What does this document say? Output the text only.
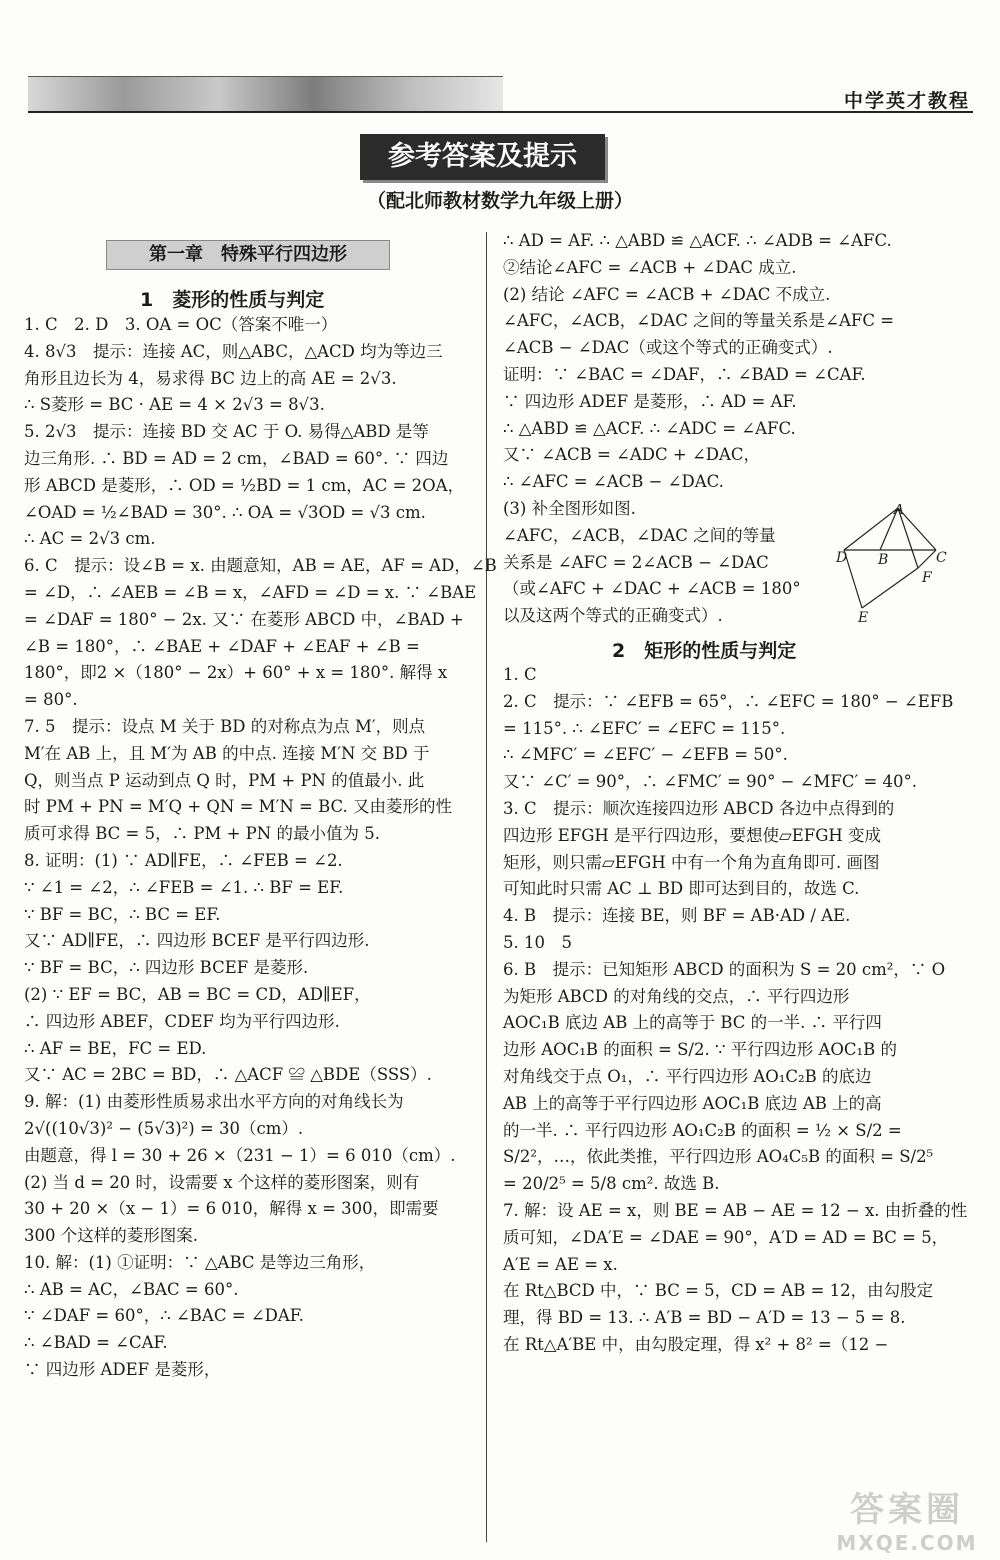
中学英才教程
参考答案及提示
（配北师教材数学九年级上册）
第一章　特殊平行四边形
1　菱形的性质与判定

1. C　2. D　3. OA = OC（答案不唯一）

4. 8√3　提示：连接 AC，则△ABC，△ACD 均为等边三

角形且边长为 4，易求得 BC 边上的高 AE = 2√3.

∴ S菱形 = BC · AE = 4 × 2√3 = 8√3.

5. 2√3　提示：连接 BD 交 AC 于 O. 易得△ABD 是等

边三角形. ∴ BD = AD = 2 cm，∠BAD = 60°. ∵ 四边

形 ABCD 是菱形，∴ OD = ½BD = 1 cm，AC = 2OA，

∠OAD = ½∠BAD = 30°. ∴ OA = √3OD = √3 cm.

∴ AC = 2√3 cm.

6. C　提示：设∠B = x. 由题意知，AB = AE，AF = AD，∠B

= ∠D，∴ ∠AEB = ∠B = x，∠AFD = ∠D = x. ∵ ∠BAE

= ∠DAF = 180° − 2x. 又∵ 在菱形 ABCD 中，∠BAD +

∠B = 180°，∴ ∠BAE + ∠DAF + ∠EAF + ∠B =

180°，即2 ×（180° − 2x）+ 60° + x = 180°. 解得 x

= 80°.

7. 5　提示：设点 M 关于 BD 的对称点为点 M′，则点

M′在 AB 上，且 M′为 AB 的中点. 连接 M′N 交 BD 于

Q，则当点 P 运动到点 Q 时，PM + PN 的值最小. 此

时 PM + PN = M′Q + QN = M′N = BC. 又由菱形的性

质可求得 BC = 5，∴ PM + PN 的最小值为 5.

8. 证明：(1) ∵ AD∥FE，∴ ∠FEB = ∠2.

∵ ∠1 = ∠2，∴ ∠FEB = ∠1. ∴ BF = EF.

∵ BF = BC，∴ BC = EF.

又∵ AD∥FE，∴ 四边形 BCEF 是平行四边形.

∵ BF = BC，∴ 四边形 BCEF 是菱形.

(2) ∵ EF = BC，AB = BC = CD，AD∥EF，

∴ 四边形 ABEF，CDEF 均为平行四边形.

∴ AF = BE，FC = ED.

又∵ AC = 2BC = BD，∴ △ACF ≌ △BDE（SSS）.

9. 解：(1) 由菱形性质易求出水平方向的对角线长为

2√((10√3)² − (5√3)²) = 30（cm）.

由题意，得 l = 30 + 26 ×（231 − 1）= 6 010（cm）.

(2) 当 d = 20 时，设需要 x 个这样的菱形图案，则有

30 + 20 ×（x − 1）= 6 010，解得 x = 300，即需要

300 个这样的菱形图案.

10. 解：(1) ①证明：∵ △ABC 是等边三角形，

∴ AB = AC，∠BAC = 60°.

∵ ∠DAF = 60°，∴ ∠BAC = ∠DAF.

∴ ∠BAD = ∠CAF.

∵ 四边形 ADEF 是菱形，

∴ AD = AF. ∴ △ABD ≌ △ACF. ∴ ∠ADB = ∠AFC.

②结论∠AFC = ∠ACB + ∠DAC 成立.

(2) 结论 ∠AFC = ∠ACB + ∠DAC 不成立.

∠AFC，∠ACB，∠DAC 之间的等量关系是∠AFC =

∠ACB − ∠DAC（或这个等式的正确变式）.

证明：∵ ∠BAC = ∠DAF，∴ ∠BAD = ∠CAF.

∵ 四边形 ADEF 是菱形，∴ AD = AF.

∴ △ABD ≌ △ACF. ∴ ∠ADC = ∠AFC.

又∵ ∠ACB = ∠ADC + ∠DAC，

∴ ∠AFC = ∠ACB − ∠DAC.

(3) 补全图形如图.

∠AFC，∠ACB，∠DAC 之间的等量

关系是 ∠AFC = 2∠ACB − ∠DAC

（或∠AFC + ∠DAC + ∠ACB = 180°

以及这两个等式的正确变式）.

A
D B	C
F
E
2　矩形的性质与判定

1. C

2. C　提示：∵ ∠EFB = 65°，∴ ∠EFC = 180° − ∠EFB

= 115°. ∴ ∠EFC′ = ∠EFC = 115°.

∴ ∠MFC′ = ∠EFC′ − ∠EFB = 50°.

又∵ ∠C′ = 90°，∴ ∠FMC′ = 90° − ∠MFC′ = 40°.

3. C　提示：顺次连接四边形 ABCD 各边中点得到的

四边形 EFGH 是平行四边形，要想使▱EFGH 变成

矩形，则只需▱EFGH 中有一个角为直角即可. 画图

可知此时只需 AC ⊥ BD 即可达到目的，故选 C.

4. B　提示：连接 BE，则 BF = AB·AD / AE.

5. 10　5

6. B　提示：已知矩形 ABCD 的面积为 S = 20 cm²，∵ O

为矩形 ABCD 的对角线的交点，∴ 平行四边形

AOC₁B 底边 AB 上的高等于 BC 的一半. ∴ 平行四

边形 AOC₁B 的面积 = S/2. ∵ 平行四边形 AOC₁B 的

对角线交于点 O₁，∴ 平行四边形 AO₁C₂B 的底边

AB 上的高等于平行四边形 AOC₁B 底边 AB 上的高

的一半. ∴ 平行四边形 AO₁C₂B 的面积 = ½ × S/2 =

S/2²，…，依此类推，平行四边形 AO₄C₅B 的面积 = S/2⁵

= 20/2⁵ = 5/8 cm². 故选 B.

7. 解：设 AE = x，则 BE = AB − AE = 12 − x. 由折叠的性

质可知，∠DA′E = ∠DAE = 90°，A′D = AD = BC = 5，

A′E = AE = x.

在 Rt△BCD 中，∵ BC = 5，CD = AB = 12，由勾股定

理，得 BD = 13. ∴ A′B = BD − A′D = 13 − 5 = 8.

在 Rt△A′BE 中，由勾股定理，得 x² + 8² =（12 −

答案圈
MXQE.COM
